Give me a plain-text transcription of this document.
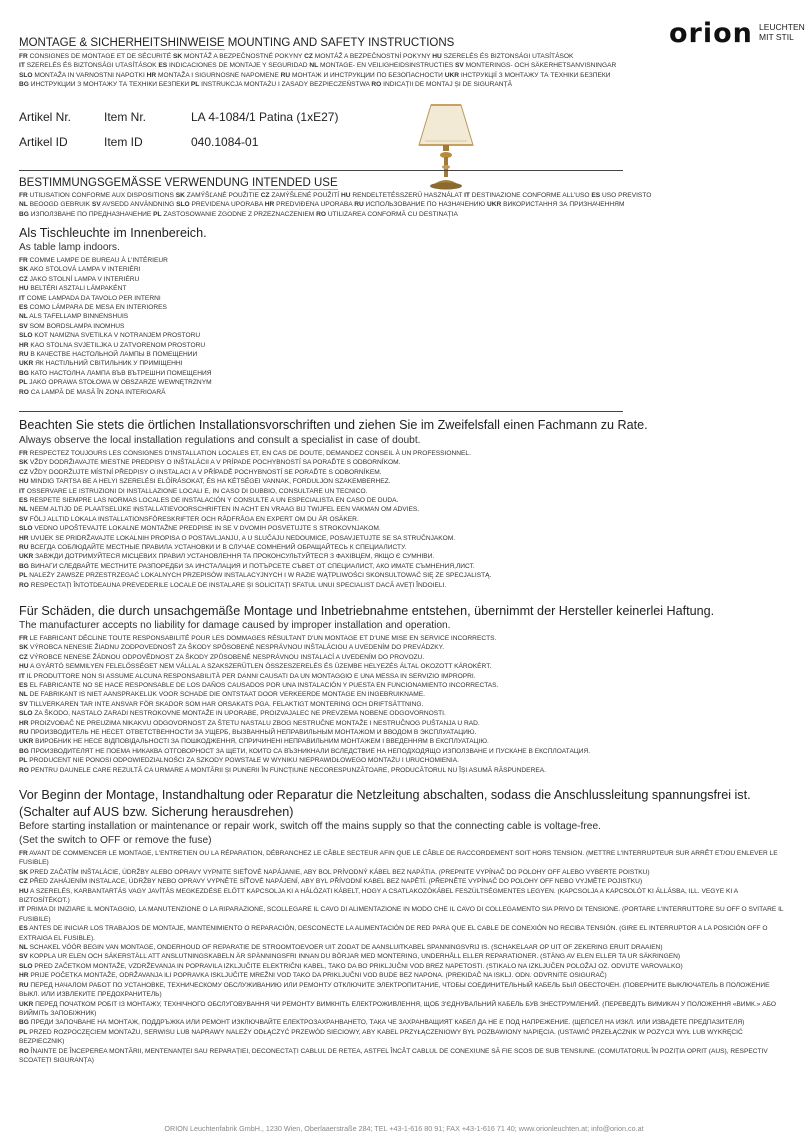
orion LEUCHTEN
MIT STIL
MONTAGE & SICHERHEITSHINWEISE MOUNTING AND SAFETY INSTRUCTIONS
FR CONSIGNES DE MONTAGE ET DE SÉCURITÉ SK MONTÁŽ A BEZPEČNOSTNÉ POKYNY CZ MONTÁŽ A BEZPEČNOSTNÍ POKYNY HU SZERELÉS ÉS BIZTONSÁGI UTASÍTÁSOK
IT SZERELÉS ÉS BIZTONSÁGI UTASÍTÁSOK ES INDICACIONES DE MONTAJE Y SEGURIDAD NL MONTAGE- EN VEILIGHEIDSINSTRUCTIES SV MONTERINGS- OCH SÄKERHETSANVISNINGAR
SLO MONTAŽA IN VARNOSTNI NAPOTKI HR MONTAŽA I SIGURNOSNE NAPOMENE RU МОНТАЖ И ИНСТРУКЦИИ ПО БЕЗОПАСНОСТИ UKR ІНСТРУКЦІЇ З МОНТАЖУ ТА ТЕХНІКИ БЕЗПЕКИ
BG ИНСТРУКЦИИ З МОНТАЖУ ТА ТЕХНІКИ БЕЗПЕКИ PL INSTRUKCJA MONTAŻU I ZASADY BEZPIECZEŃSTWA RO INDICAȚII DE MONTAJ ȘI DE SIGURANȚĂ
Artikel Nr.	Item Nr.	LA 4-1084/1 Patina (1xE27)
Artikel ID	Item ID	040.1084-01
BESTIMMUNGSGEMÄSSE VERWENDUNG INTENDED USE
FR UTILISATION CONFORME AUX DISPOSITIONS SK ZAMÝŠĽANÉ POUŽITIE CZ ZAMÝŠLENÉ POUŽITÍ HU RENDELTETÉSSZERŰ HASZNÁLAT IT DESTINAZIONE CONFORME ALL'USO ES USO PREVISTO
NL BEOOGD GEBRUIK SV AVSEDD ANVÄNDNING SLO PREVIDENA UPORABA HR PREDVIĐENA UPORABA RU ИСПОЛЬЗОВАНИЕ ПО НАЗНАЧЕНИЮ UKR ВИКОРИСТАННЯ ЗА ПРИЗНАЧЕННЯМ
BG ИЗПОЛЗВАНЕ ПО ПРЕДНАЗНАЧЕНИЕ PL ZASTOSOWANIE ZGODNE Z PRZEZNACZENIEM RO UTILIZAREA CONFORMĂ CU DESTINAȚIA
Als Tischleuchte im Innenbereich.
As table lamp indoors.
FR COMME LAMPE DE BUREAU À L'INTÉRIEUR
SK AKO STOLOVÁ LAMPA V INTERIÉRI
CZ JAKO STOLNÍ LAMPA V INTERIÉRU
HU BELTÉRI ASZTALI LÁMPAKÉNT
IT COME LAMPADA DA TAVOLO PER INTERNI
ES COMO LÁMPARA DE MESA EN INTERIORES
NL ALS TAFELLAMP BINNENSHUIS
SV SOM BORDSLAMPA INOMHUS
SLO KOT NAMIZNA SVETILKA V NOTRANJEM PROSTORU
HR KAO STOLNA SVJETILJKA U ZATVORENOM PROSTORU
RU В КАЧЕСТВЕ НАСТОЛЬНОЙ ЛАМПЫ В ПОМЕЩЕНИИ
UKR ЯК НАСТІЛЬНИЙ СВІТИЛЬНИК У ПРИМІЩЕННІ
BG КАТО НАСТОЛНА ЛАМПА ВЪВ ВЪТРЕШНИ ПОМЕЩЕНИЯ
PL JAKO OPRAWA STOŁOWA W OBSZARZE WEWNĘTRZNYM
RO CA LAMPĂ DE MASĂ ÎN ZONA INTERIOARĂ
Beachten Sie stets die örtlichen Installationsvorschriften und ziehen Sie im Zweifelsfall einen Fachmann zu Rate.
Always observe the local installation regulations and consult a specialist in case of doubt.
FR RESPECTEZ TOUJOURS LES CONSIGNES D'INSTALLATION LOCALES ET, EN CAS DE DOUTE, DEMANDEZ CONSEIL À UN PROFESSIONNEL.
SK VŽDY DODRŽIAVAJTE MIESTNE PREDPISY O INŠTALÁCII A V PRÍPADE POCHYBNOSTÍ SA PORAĎTE S ODBORNÍKOM.
CZ VŽDY DODRŽUJTE MÍSTNÍ PŘEDPISY O INSTALACI A V PŘÍPADĚ POCHYBNOSTÍ SE PORAĎTE S ODBORNÍKEM.
HU MINDIG TARTSA BE A HELYI SZERELÉSI ELŐÍRÁSOKAT, ÉS HA KÉTSÉGEI VANNAK, FORDULJON SZAKEMBERHEZ.
IT OSSERVARE LE ISTRUZIONI DI INSTALLAZIONE LOCALI E, IN CASO DI DUBBIO, CONSULTARE UN TECNICO.
ES RESPETE SIEMPRE LAS NORMAS LOCALES DE INSTALACIÓN Y CONSULTE A UN ESPECIALISTA EN CASO DE DUDA.
NL NEEM ALTIJD DE PLAATSELIJKE INSTALLATIEVOORSCHRIFTEN IN ACHT EN VRAAG BIJ TWIJFEL EEN VAKMAN OM ADVIES.
SV FÖLJ ALLTID LOKALA INSTALLATIONSFÖRESKRIFTER OCH RÅDFRÅGA EN EXPERT OM DU ÄR OSÄKER.
SLO VEDNO UPOŠTEVAJTE LOKALNE MONTAŽNE PREDPISE IN SE V DVOMIH POSVETUJTE S STROKOVNJAKOM.
HR UVIJEK SE PRIDRŽAVAJTE LOKALNIH PROPISA O POSTAVLJANJU, A U SLUČAJU NEDOUMICE, POSAVJETUJTE SE SA STRUČNJAKOM.
RU ВСЕГДА СОБЛЮДАЙТЕ МЕСТНЫЕ ПРАВИЛА УСТАНОВКИ И В СЛУЧАЕ СОМНЕНИЙ ОБРАЩАЙТЕСЬ К СПЕЦИАЛИСТУ.
UKR ЗАВЖДИ ДОТРИМУЙТЕСЯ МІСЦЕВИХ ПРАВИЛ УСТАНОВЛЕННЯ ТА ПРОКОНСУЛЬТУЙТЕСЯ З ФАХІВЦЕМ, ЯКЩО Є СУМНІВИ.
BG ВИНАГИ СЛЕДВАЙТЕ МЕСТНИТЕ РАЗПОРЕДБИ ЗА ИНСТАЛАЦИЯ И ПОТЪРСЕТЕ СЪВЕТ ОТ СПЕЦИАЛИСТ, АКО ИМАТЕ СЪМНЕНИЯ,ЛИСТ.
PL NALEŻY ZAWSZE PRZESTRZEGAĆ LOKALNYCH PRZEPISÓW INSTALACYJNYCH I W RAZIE WĄTPLIWOŚCI SKONSULTOWAĆ SIĘ ZE SPECJALISTĄ.
RO RESPECTAȚI ÎNTOTDEAUNA PREVEDERILE LOCALE DE INSTALARE ȘI SOLICITAȚI SFATUL UNUI SPECIALIST DACĂ AVEȚI ÎNDOIELI.
Für Schäden, die durch unsachgemäße Montage und Inbetriebnahme entstehen, übernimmt der Hersteller keinerlei Haftung.
The manufacturer accepts no liability for damage caused by improper installation and operation.
FR LE FABRICANT DÉCLINE TOUTE RESPONSABILITÉ POUR LES DOMMAGES RÉSULTANT D'UN MONTAGE ET D'UNE MISE EN SERVICE INCORRECTS.
SK VÝROBCA NENESIE ŽIADNU ZODPOVEDNOSŤ ZA ŠKODY SPÔSOBENÉ NESPRÁVNOU INŠTALÁCIOU A UVEDENÍM DO PREVÁDZKY.
CZ VÝROBCE NENESE ŽÁDNOU ODPOVĚDNOST ZA ŠKODY ZPŮSOBENÉ NESPRÁVNOU INSTALACÍ A UVEDENÍM DO PROVOZU.
HU A GYÁRTÓ SEMMILYEN FELELŐSSÉGET NEM VÁLLAL A SZAKSZERŰTLEN ÖSSZESZERELÉS ÉS ÜZEMBE HELYEZÉS ÁLTAL OKOZOTT KÁROKÉRT.
IT IL PRODUTTORE NON SI ASSUME ALCUNA RESPONSABILITÀ PER DANNI CAUSATI DA UN MONTAGGIO E UNA MESSA IN SERVIZIO IMPROPRI.
ES EL FABRICANTE NO SE HACE RESPONSABLE DE LOS DAÑOS CAUSADOS POR UNA INSTALACIÓN Y PUESTA EN FUNCIONAMIENTO INCORRECTAS.
NL DE FABRIKANT IS NIET AANSPRAKELIJK VOOR SCHADE DIE ONTSTAAT DOOR VERKEERDE MONTAGE EN INGEBRUIKNAME.
SV TILLVERKAREN TAR INTE ANSVAR FÖR SKADOR SOM HAR ORSAKATS PGA. FELAKTIGT MONTERING OCH DRIFTSÄTTNING.
SLO ZA ŠKODO, NASTALO ZARADI NESTROKOVNE MONTAŽE IN UPORABE, PROIZVAJALEC NE PREVZEMA NOBENE ODGOVORNOSTI.
HR PROIZVOĐAČ NE PREUZIMA NIKAKVU ODGOVORNOST ZA ŠTETU NASTALU ZBOG NESTRUČNE MONTAŽE I NESTRUČNOG PUŠTANJA U RAD.
RU ПРОИЗВОДИТЕЛЬ НЕ НЕСЕТ ОТВЕТСТВЕННОСТИ ЗА УЩЕРБ, ВЫЗВАННЫЙ НЕПРАВИЛЬНЫМ МОНТАЖОМ И ВВОДОМ В ЭКСПЛУАТАЦИЮ.
UKR ВИРОБНИК НЕ НЕСЕ ВІДПОВІДАЛЬНОСТІ ЗА ПОШКОДЖЕННЯ, СПРИЧИНЕНІ НЕПРАВИЛЬНИМ МОНТАЖЕМ І ВВЕДЕННЯМ В ЕКСПЛУАТАЦІЮ.
BG ПРОИЗВОДИТЕЛЯТ НЕ ПОЕМА НИКАКВА ОТГОВОРНОСТ ЗА ЩЕТИ, КОИТО СА ВЪЗНИКНАЛИ ВСЛЕДСТВИЕ НА НЕПОДХОДЯЩО ИЗПОЛЗВАНЕ И ПУСКАНЕ В ЕКСПЛОАТАЦИЯ.
PL PRODUCENT NIE PONOSI ODPOWIEDZIALNOŚCI ZA SZKODY POWSTAŁE W WYNIKU NIEPRAWIDŁOWEGO MONTAŻU I URUCHOMIENIA.
RO PENTRU DAUNELE CARE REZULTĂ CA URMARE A MONTĂRII ȘI PUNERII ÎN FUNCȚIUNE NECORESPUNZĂTOARE, PRODUCĂTORUL NU ÎȘI ASUMĂ RĂSPUNDEREA.
Vor Beginn der Montage, Instandhaltung oder Reparatur die Netzleitung abschalten, sodass die Anschlussleitung spannungsfrei ist.
(Schalter auf AUS bzw. Sicherung herausdrehen)
Before starting installation or maintenance or repair work, switch off the mains supply so that the connecting cable is voltage-free.
(Set the switch to OFF or remove the fuse)
FR AVANT DE COMMENCER LE MONTAGE, L'ENTRETIEN OU LA RÉPARATION, DÉBRANCHEZ LE CÂBLE SECTEUR AFIN QUE LE CÂBLE DE RACCORDEMENT SOIT HORS TENSION. (METTRE L'INTERRUPTEUR SUR ARRÊT ET/OU ENLEVER LE FUSIBLE)
SK PRED ZAČATÍM INŠTALÁCIE, ÚDRŽBY ALEBO OPRAVY VYPNITE SIEŤOVÉ NAPÁJANIE, ABY BOL PRÍVODNÝ KÁBEL BEZ NAPÄTIA. (PREPNITE VYPÍNAČ DO POLOHY OFF ALEBO VYBERTE POISTKU)
CZ PŘED ZAHÁJENÍM INSTALACE, ÚDRŽBY NEBO OPRAVY VYPNĚTE SÍŤOVÉ NAPÁJENÍ, ABY BYL PŘÍVODNÍ KABEL BEZ NAPĚTÍ. (PŘEPNĚTE VYPÍNAČ DO POLOHY OFF NEBO VYJMĚTE POJISTKU)
HU A SZERELÉS, KARBANTARTÁS VAGY JAVÍTÁS MEGKEZDÉSE ELŐTT KAPCSOLJA KI A HÁLÓZATI KÁBELT, HOGY A CSATLAKOZÓKÁBEL FESZÜLTSÉGMENTES LEGYEN. (KAPCSOLJA A KAPCSOLÓT KI ÁLLÁSBA, ILL. VEGYE KI A BIZTOSÍTÉKOT.)
IT PRIMA DI INIZIARE IL MONTAGGIO, LA MANUTENZIONE O LA RIPARAZIONE, SCOLLEGARE IL CAVO DI ALIMENTAZIONE IN MODO CHE IL CAVO DI COLLEGAMENTO SIA PRIVO DI TENSIONE. (PORTARE L'INTERRUTTORE SU OFF O SVITARE IL FUSIBILE)
ES ANTES DE INICIAR LOS TRABAJOS DE MONTAJE, MANTENIMIENTO O REPARACIÓN, DESCONECTE LA ALIMENTACIÓN DE RED PARA QUE EL CABLE DE CONEXIÓN NO RECIBA TENSIÓN. (GIRE EL INTERRUPTOR A LA POSICIÓN OFF O EXTRAIGA EL FUSIBLE).
NL SCHAKEL VÓÓR BEGIN VAN MONTAGE, ONDERHOUD OF REPARATIE DE STROOMTOEVOER UIT ZODAT DE AANSLUITKABEL SPANNINGSVRIJ IS. (SCHAKELAAR OP UIT OF ZEKERING ERUIT DRAAIEN)
SV KOPPLA UR ELEN OCH SÄKERSTÄLL ATT ANSLUTNINGSKABELN ÄR SPÄNNINGSFRI INNAN DU BÖRJAR MED MONTERING, UNDERHÅLL ELLER REPARATIONER. (STÄNG AV ELEN ELLER TA UR SÄKRINGEN)
SLO PRED ZAČETKOM MONTAŽE, VZDRŽEVANJA IN POPRAVILA IZKLJUČITE ELEKTRIČNI KABEL, TAKO DA BO PRIKLJUČNI VOD BREZ NAPETOSTI. (STIKALO NA IZKLJUČEN POLOŽAJ OZ. ODVIJTE VAROVALKO)
HR PRIJE POČETKA MONTAŽE, ODRŽAVANJA ILI POPRAVKA ISKLJUČITE MREŽNI VOD TAKO DA PRIKLJUČNI VOD BUDE BEZ NAPONA. (PREKIDAČ NA ISKLJ. ODN. ODVRNITE OSIGURAČ)
RU ПЕРЕД НАЧАЛОМ РАБОТ ПО УСТАНОВКЕ, ТЕХНИЧЕСКОМУ ОБСЛУЖИВАНИЮ ИЛИ РЕМОНТУ ОТКЛЮЧИТЕ ЭЛЕКТРОПИТАНИЕ, ЧТОБЫ СОЕДИНИТЕЛЬНЫЙ КАБЕЛЬ БЫЛ ОБЕСТОЧЕН. (ПОВЕРНИТЕ ВЫКЛЮЧАТЕЛЬ В ПОЛОЖЕНИЕ ВЫКЛ. ИЛИ ИЗВЛЕКИТЕ ПРЕДОХРАНИТЕЛЬ)
UKR ПЕРЕД ПОЧАТКОМ РОБІТ ІЗ МОНТАЖУ, ТЕХНІЧНОГО ОБСЛУГОВУВАННЯ ЧИ РЕМОНТУ ВИМКНІТЬ ЕЛЕКТРОЖИВЛЕННЯ, ЩОБ З'ЄДНУВАЛЬНИЙ КАБЕЛЬ БУВ ЗНЕСТРУМЛЕНИЙ. (ПЕРЕВЕДІТЬ ВИМИКАЧ У ПОЛОЖЕННЯ «ВИМК.» АБО ВИЙМІТЬ ЗАПОБІЖНИК)
BG ПРЕДИ ЗАПОЧВАНЕ НА МОНТАЖ, ПОДДРЪЖКА ИЛИ РЕМОНТ ИЗКЛЮЧВАЙТЕ ЕЛЕКТРОЗАХРАНВАНЕТО, ТАКА ЧЕ ЗАХРАНВАЩИЯТ КАБЕЛ ДА НЕ Е ПОД НАПРЕЖЕНИЕ. (ЩЕПСЕЛ НА ИЗКЛ. ИЛИ ИЗВАДЕТЕ ПРЕДПАЗИТЕЛЯ)
PL PRZED ROZPOCZĘCIEM MONTAŻU, SERWISU LUB NAPRAWY NALEŻY ODŁĄCZYĆ PRZEWÓD SIECIOWY, ABY KABEL PRZYŁĄCZENIOWY BYŁ POZBAWIONY NAPIĘCIA. (USTAWIĆ PRZEŁĄCZNIK W POZYCJI WYŁ LUB WYKRĘCIĆ BEZPIECZNIK)
RO ÎNAINTE DE ÎNCEPEREA MONTĂRII, MENTENANȚEI SAU REPARAȚIEI, DECONECTAȚI CABLUL DE RETEA, ASTFEL ÎNCÂT CABLUL DE CONEXIUNE SĂ FIE SCOS DE SUB TENSIUNE. (COMUTATORUL ÎN POZIȚIA OPRIT (AUS), RESPECTIV SCOATEȚI SIGURANȚA)
ORION Leuchtenfabrik GmbH., 1230 Wien, Oberlaaerstraße 284; TEL +43-1-616 80 91; FAX +43-1-616 71 40; www.orionleuchten.at; info@orion.co.at
